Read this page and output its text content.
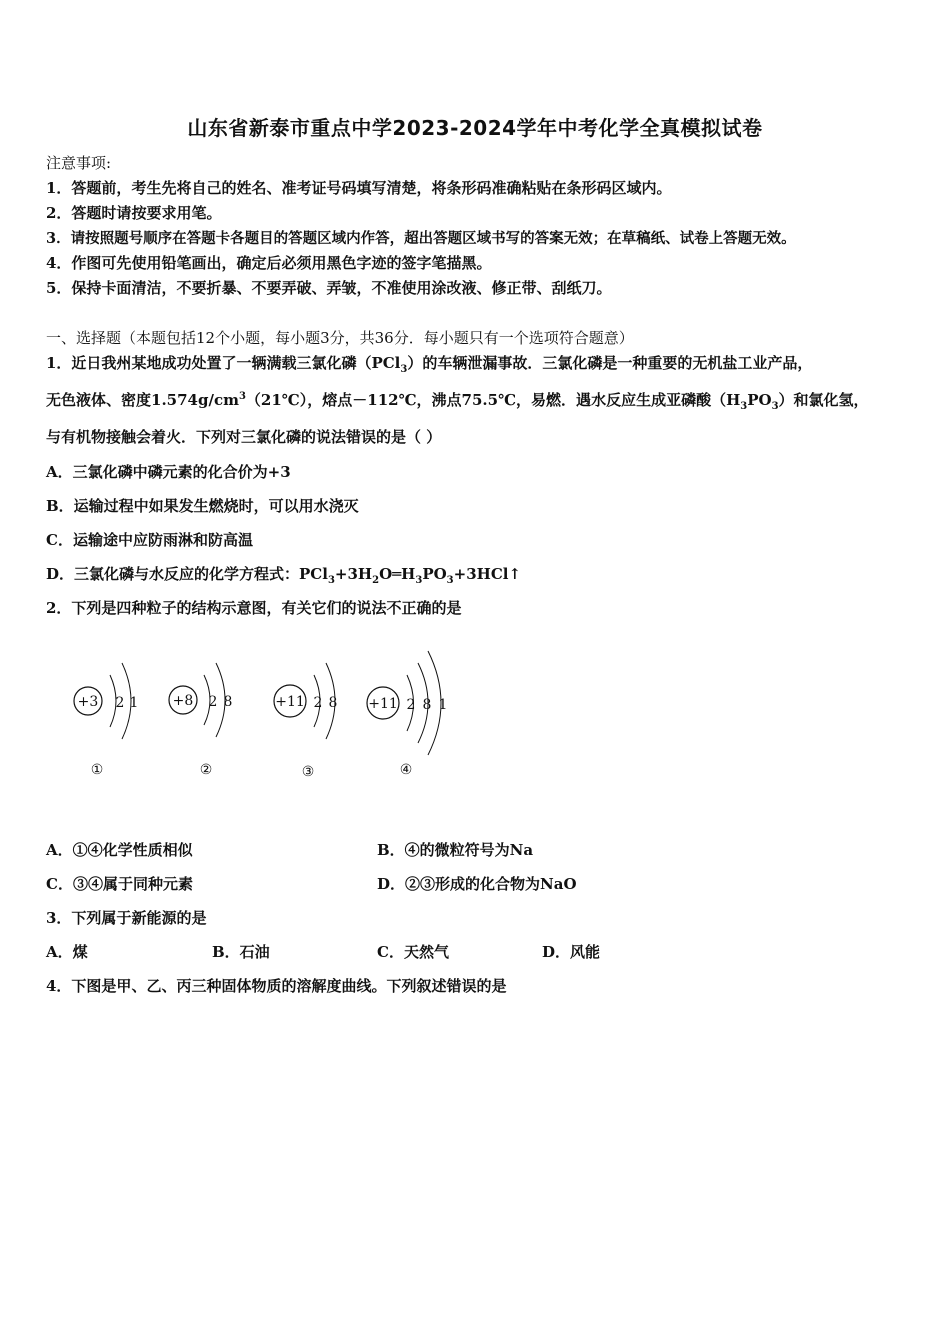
山东省新泰市重点中学2023-2024学年中考化学全真模拟试卷
注意事项:
1．答题前，考生先将自己的姓名、准考证号码填写清楚，将条形码准确粘贴在条形码区域内。
2．答题时请按要求用笔。
3．请按照题号顺序在答题卡各题目的答题区域内作答，超出答题区域书写的答案无效；在草稿纸、试卷上答题无效。
4．作图可先使用铅笔画出，确定后必须用黑色字迹的签字笔描黑。
5．保持卡面清洁，不要折暴、不要弄破、弄皱，不准使用涂改液、修正带、刮纸刀。
一、选择题（本题包括12个小题，每小题3分，共36分．每小题只有一个选项符合题意）
1．近日我州某地成功处置了一辆满载三氯化磷（PCl$_3$）的车辆泄漏事故．三氯化磷是一种重要的无机盐工业产品，
无色液体、密度$1.574g/cm^3(21℃)$，熔点－112℃，沸点75.5℃，易燃．遇水反应生成亚磷酸$(H_3PO_3)$和氯化氢，
与有机物接触会着火．下列对三氯化磷的说法错误的是（ ）
A．三氯化磷中磷元素的化合价为+3
B．运输过程中如果发生燃烧时，可以用水浇灭
C．运输途中应防雨淋和防高温
D．三氯化磷与水反应的化学方程式：$PCl_3+3H_2O═H_3PO_3+3HCl↑$
2．下列是四种粒子的结构示意图，有关它们的说法不正确的是
+3 2 1
①
+8 2 8
②
+11 2 8
③
+11 2 8 1
④
A．①④化学性质相似	B．④的微粒符号为Na
C．③④属于同种元素	D．②③形成的化合物为NaO
3．下列属于新能源的是
A．煤	B．石油	C．天然气	D．风能
4．下图是甲、乙、丙三种固体物质的溶解度曲线。下列叙述错误的是
